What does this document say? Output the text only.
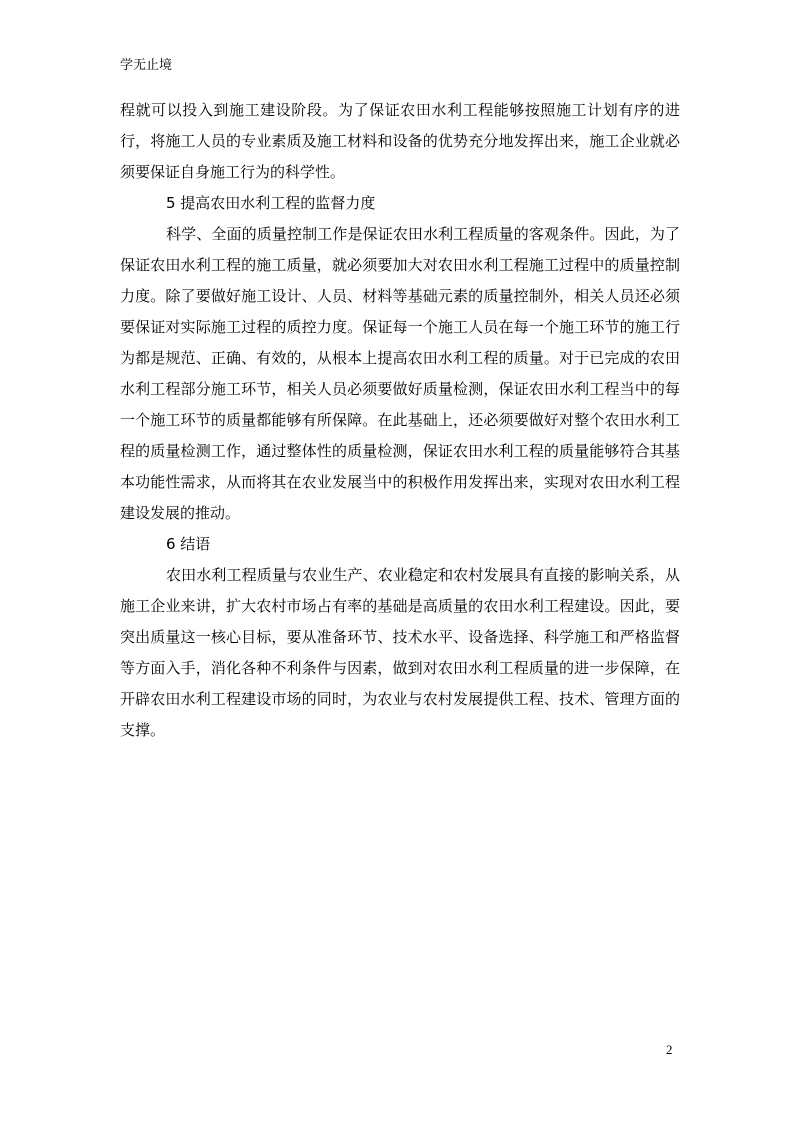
学无止境

程就可以投入到施工建设阶段。为了保证农田水利工程能够按照施工计划有序的进行，将施工人员的专业素质及施工材料和设备的优势充分地发挥出来，施工企业就必须要保证自身施工行为的科学性。

5 提高农田水利工程的监督力度

科学、全面的质量控制工作是保证农田水利工程质量的客观条件。因此，为了保证农田水利工程的施工质量，就必须要加大对农田水利工程施工过程中的质量控制力度。除了要做好施工设计、人员、材料等基础元素的质量控制外，相关人员还必须要保证对实际施工过程的质控力度。保证每一个施工人员在每一个施工环节的施工行为都是规范、正确、有效的，从根本上提高农田水利工程的质量。对于已完成的农田水利工程部分施工环节，相关人员必须要做好质量检测，保证农田水利工程当中的每一个施工环节的质量都能够有所保障。在此基础上，还必须要做好对整个农田水利工程的质量检测工作，通过整体性的质量检测，保证农田水利工程的质量能够符合其基本功能性需求，从而将其在农业发展当中的积极作用发挥出来，实现对农田水利工程建设发展的推动。

6 结语

农田水利工程质量与农业生产、农业稳定和农村发展具有直接的影响关系，从施工企业来讲，扩大农村市场占有率的基础是高质量的农田水利工程建设。因此，要突出质量这一核心目标，要从准备环节、技术水平、设备选择、科学施工和严格监督等方面入手，消化各种不利条件与因素，做到对农田水利工程质量的进一步保障，在开辟农田水利工程建设市场的同时，为农业与农村发展提供工程、技术、管理方面的支撑。

2
